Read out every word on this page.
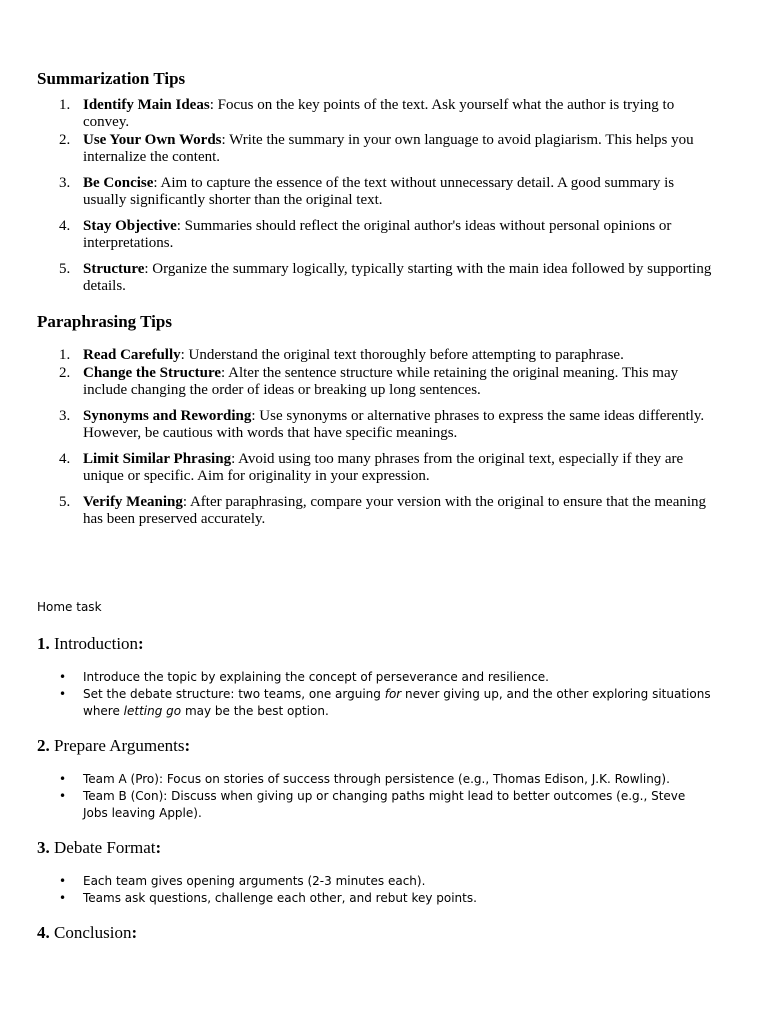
Summarization Tips
1. Identify Main Ideas: Focus on the key points of the text. Ask yourself what the author is trying to convey.
2. Use Your Own Words: Write the summary in your own language to avoid plagiarism. This helps you internalize the content.
3. Be Concise: Aim to capture the essence of the text without unnecessary detail. A good summary is usually significantly shorter than the original text.
4. Stay Objective: Summaries should reflect the original author's ideas without personal opinions or interpretations.
5. Structure: Organize the summary logically, typically starting with the main idea followed by supporting details.
Paraphrasing Tips
1. Read Carefully: Understand the original text thoroughly before attempting to paraphrase.
2. Change the Structure: Alter the sentence structure while retaining the original meaning. This may include changing the order of ideas or breaking up long sentences.
3. Synonyms and Rewording: Use synonyms or alternative phrases to express the same ideas differently. However, be cautious with words that have specific meanings.
4. Limit Similar Phrasing: Avoid using too many phrases from the original text, especially if they are unique or specific. Aim for originality in your expression.
5. Verify Meaning: After paraphrasing, compare your version with the original to ensure that the meaning has been preserved accurately.
Home task
1. Introduction:
• Introduce the topic by explaining the concept of perseverance and resilience.
• Set the debate structure: two teams, one arguing for never giving up, and the other exploring situations where letting go may be the best option.
2. Prepare Arguments:
• Team A (Pro): Focus on stories of success through persistence (e.g., Thomas Edison, J.K. Rowling).
• Team B (Con): Discuss when giving up or changing paths might lead to better outcomes (e.g., Steve Jobs leaving Apple).
3. Debate Format:
• Each team gives opening arguments (2-3 minutes each).
• Teams ask questions, challenge each other, and rebut key points.
4. Conclusion:
